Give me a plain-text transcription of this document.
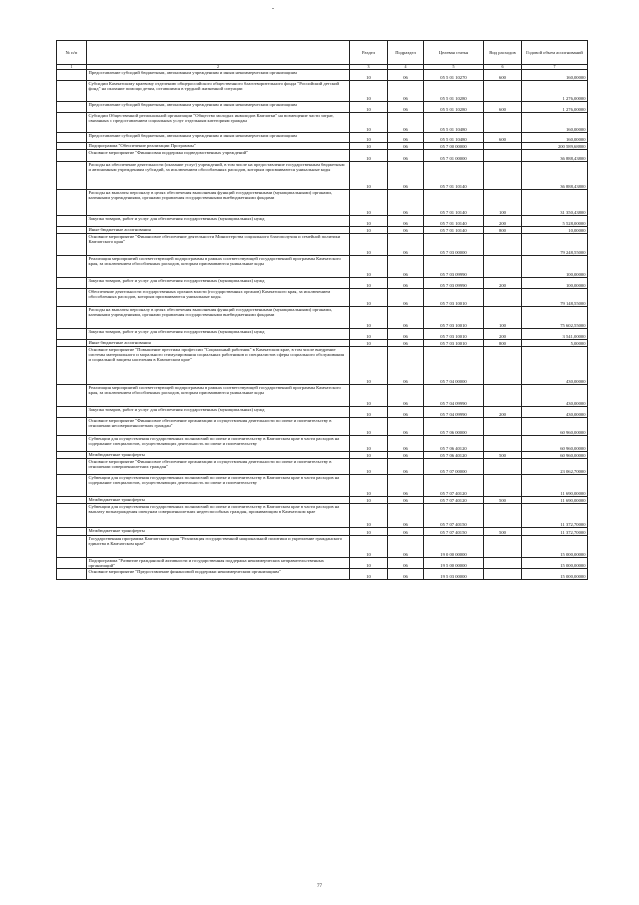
№ п/п		Раздел	Подраздел	Целевая статья	Вид расходов	Годовой объем ассигнований
1	2	3	4	5	6	7
	Предоставление субсидий бюджетным, автономным учреждениям и иным некоммерческим организациям	10	06	05 5 01 10270	600	160,00000
	Субсидии Камчатскому краевому отделению общероссийского общественного благотворительного фонда "Российский детский фонд" на оказание помощи детям, оставшимся в трудной жизненной ситуации	10	06	05 5 01 10280		1 276,00000
	Предоставление субсидий бюджетным, автономным учреждениям и иным некоммерческим организациям	10	06	05 5 01 10280	600	1 276,00000
	Субсидии Общественной региональной организации "Общество молодых инвалидов Камчатки" на возмещение части затрат, связанных с предоставлением социальных услуг отдельным категориям граждан	10	06	05 5 01 10480		160,00000
	Предоставление субсидий бюджетным, автономным учреждениям и иным некоммерческим организациям	10	06	05 5 01 10480	600	160,00000
	Подпрограмма "Обеспечение реализации Программы"	10	06	05 7 00 00000		200 589,68800
	Основное мероприятие "Финансовая поддержка подведомственных учреждений"	10	06	05 7 01 00000		36 888,43800
	Расходы на обеспечение деятельности (оказание услуг) учреждений, в том числе на предоставление государственным бюджетным и автономным учреждениям субсидий, за исключением обособленных расходов, которым присваиваются уникальные коды	10	06	05 7 01 10140		36 888,43800
	Расходы на выплаты персоналу в целях обеспечения выполнения функций государственными (муниципальными) органами, казенными учреждениями, органами управления государственными внебюджетными фондами	10	06	05 7 01 10140	100	31 350,43800
	Закупка товаров, работ и услуг для обеспечения государственных (муниципальных) нужд	10	06	05 7 01 10140	200	5 528,00000
	Иные бюджетные ассигнования	10	06	05 7 01 10140	800	10,00000
	Основное мероприятие "Финансовое обеспечение деятельности Министерства социального благополучия и семейной политики Камчатского края"	10	06	05 7 03 00000		79 248,55000
	Реализация мероприятий соответствующей подпрограммы в рамках соответствующей государственной программы Камчатского края, за исключением обособленных расходов, которым присваиваются уникальные коды	10	06	05 7 03 09990		100,00000
	Закупка товаров, работ и услуг для обеспечения государственных (муниципальных) нужд	10	06	05 7 03 09990	200	100,00000
	Обеспечение деятельности государственных органов власти (государственных органов) Камчатского края, за исключением обособленных расходов, которым присваиваются уникальные коды.	10	06	05 7 03 10010		79 148,55000
	Расходы на выплаты персоналу в целях обеспечения выполнения функций государственными (муниципальными) органами, казенными учреждениями, органами управления государственными внебюджетными фондами	10	06	05 7 03 10010	100	75 602,55000
	Закупка товаров, работ и услуг для обеспечения государственных (муниципальных) нужд	10	06	05 7 03 10010	200	3 541,00000
	Иные бюджетные ассигнования	10	06	05 7 03 10010	800	5,00000
	Основное мероприятие "Повышение престижа профессии "Социальный работник" в Камчатском крае, в том числе внедрение системы материального и морального стимулирования социальных работников и специалистов сферы социального обслуживания и социальной защиты населения в Камчатском крае"	10	06	05 7 04 00000		430,00000
	Реализация мероприятий соответствующей подпрограммы в рамках соответствующей государственной программы Камчатского края, за исключением обособленных расходов, которым присваиваются уникальные коды	10	06	05 7 04 09990		430,00000
	Закупка товаров, работ и услуг для обеспечения государственных (муниципальных) нужд	10	06	05 7 04 09990	200	430,00000
	Основное мероприятие "Финансовое обеспечение организации и осуществления деятельности по опеке и попечительству в отношении несовершеннолетних граждан"	10	06	05 7 06 00000		60 960,00000
	Субвенции для осуществления государственных полномочий по опеке и попечительству в Камчатском крае в части расходов на содержание специалистов, осуществляющих деятельность по опеке и попечительству	10	06	05 7 06 40120		60 960,00000
	Межбюджетные трансферты	10	06	05 7 06 40120	500	60 960,00000
	Основное мероприятие "Финансовое обеспечение организации и осуществления деятельности по опеке и попечительству в отношении совершеннолетних граждан"	10	06	05 7 07 00000		23 062,70000
	Субвенции для осуществления государственных полномочий по опеке и попечительству в Камчатском крае в части расходов на содержание специалистов, осуществляющих деятельность по опеке и попечительству	10	06	05 7 07 40120		11 690,00000
	Межбюджетные трансферты	10	06	05 7 07 40120	500	11 690,00000
	Субвенции для осуществления государственных полномочий по опеке и попечительству в Камчатском крае в части расходов на выплату вознаграждения опекунам совершеннолетних недееспособных граждан, проживающим в Камчатском крае	10	06	05 7 07 40150		11 372,70000
	Межбюджетные трансферты	10	06	05 7 07 40150	500	11 372,70000
	Государственная программа Камчатского края "Реализация государственной национальной политики и укрепление гражданского единства в Камчатском крае"	10	06	19 0 00 00000		15 000,00000
	Подпрограмма "Развитие гражданской активности и государственная поддержка некоммерческих неправительственных организаций"	10	06	19 5 00 00000		15 000,00000
	Основное мероприятие "Предоставление финансовой поддержки некоммерческим организациям"	10	06	19 5 03 00000		15 000,00000
77
